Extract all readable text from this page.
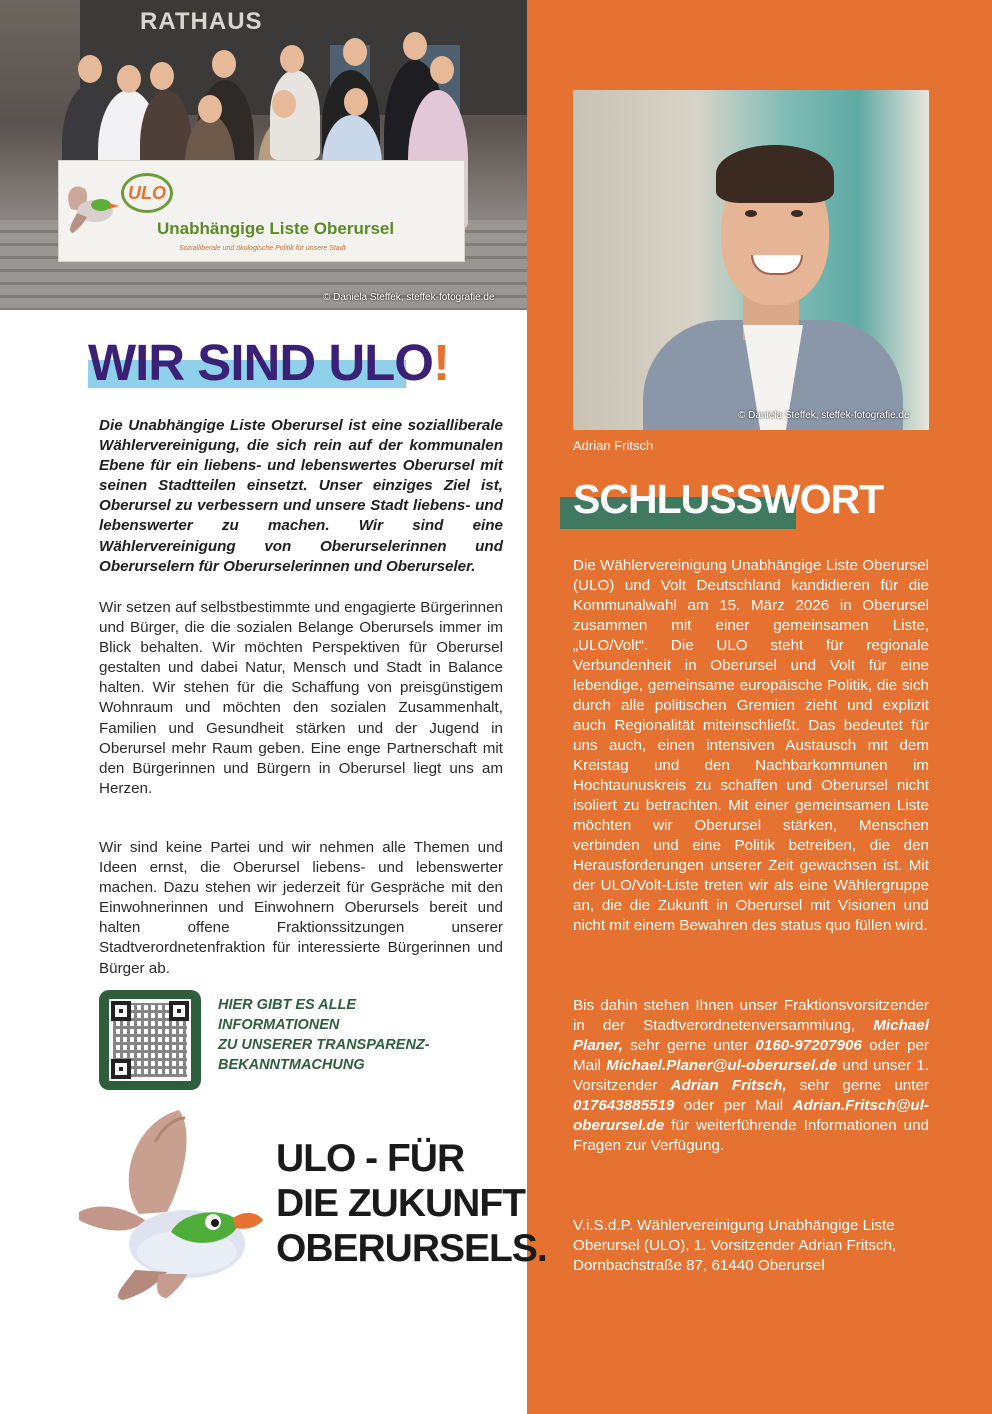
RATHAUS
ULO
Unabhängige Liste Oberursel
Sozialliberale und ökologische Politik für unsere Stadt
© Daniela Steffek, steffek-fotografie.de
WIR SIND ULO!

Die Unabhängige Liste Oberursel ist eine sozialliberale Wählervereinigung, die sich rein auf der kommunalen Ebene für ein liebens- und lebenswertes Oberursel mit seinen Stadtteilen einsetzt. Unser einziges Ziel ist, Oberursel zu verbessern und unsere Stadt liebens- und lebenswerter zu machen. Wir sind eine Wählervereinigung von Oberurselerinnen und Oberurselern für Oberurselerinnen und Oberurseler.

Wir setzen auf selbstbestimmte und engagierte Bürgerinnen und Bürger, die die sozialen Belange Oberursels immer im Blick behalten. Wir möchten Perspektiven für Oberursel gestalten und dabei Natur, Mensch und Stadt in Balance halten. Wir stehen für die Schaffung von preisgünstigem Wohnraum und möchten den sozialen Zusammenhalt, Familien und Gesundheit stärken und der Jugend in Oberursel mehr Raum geben. Eine enge Partnerschaft mit den Bürgerinnen und Bürgern in Oberursel liegt uns am Herzen.

Wir sind keine Partei und wir nehmen alle Themen und Ideen ernst, die Oberursel liebens- und lebenswerter machen. Dazu stehen wir jederzeit für Gespräche mit den Einwohnerinnen und Einwohnern Oberursels bereit und halten offene Fraktionssitzungen unserer Stadtverordnetenfraktion für interessierte Bürgerinnen und Bürger ab.

HIER GIBT ES ALLE INFORMATIONEN
ZU UNSERER TRANSPARENZ-
BEKANNTMACHUNG
ULO - FÜR
DIE ZUKUNFT
OBERURSELS.
© Daniela Steffek, steffek-fotografie.de

Adrian Fritsch

SCHLUSSWORT

Die Wählervereinigung Unabhängige Liste Oberursel (ULO) und Volt Deutschland kandidieren für die Kommunalwahl am 15. März 2026 in Oberursel zusammen mit einer gemeinsamen Liste, „ULO/Volt“. Die ULO steht für regionale Verbundenheit in Oberursel und Volt für eine lebendige, gemeinsame europäische Politik, die sich durch alle politischen Gremien zieht und explizit auch Regionalität miteinschließt. Das bedeutet für uns auch, einen intensiven Austausch mit dem Kreistag und den Nachbarkommunen im Hochtaunuskreis zu schaffen und Oberursel nicht isoliert zu betrachten. Mit einer gemeinsamen Liste möchten wir Oberursel stärken, Menschen verbinden und eine Politik betreiben, die den Herausforderungen unserer Zeit gewachsen ist. Mit der ULO/Volt-Liste treten wir als eine Wählergruppe an, die die Zukunft in Oberursel mit Visionen und nicht mit einem Bewahren des status quo füllen wird.

Bis dahin stehen Ihnen unser Fraktionsvorsitzender in der Stadtverordnetenversammlung, Michael Planer, sehr gerne unter 0160-97207906 oder per Mail Michael.Planer@ul-oberursel.de und unser 1. Vorsitzender Adrian Fritsch, sehr gerne unter 017643885519 oder per Mail Adrian.Fritsch@ul-oberursel.de für weiterführende Informationen und Fragen zur Verfügung.

V.i.S.d.P. Wählervereinigung Unabhängige Liste Oberursel (ULO), 1. Vorsitzender Adrian Fritsch, Dornbachstraße 87, 61440 Oberursel
